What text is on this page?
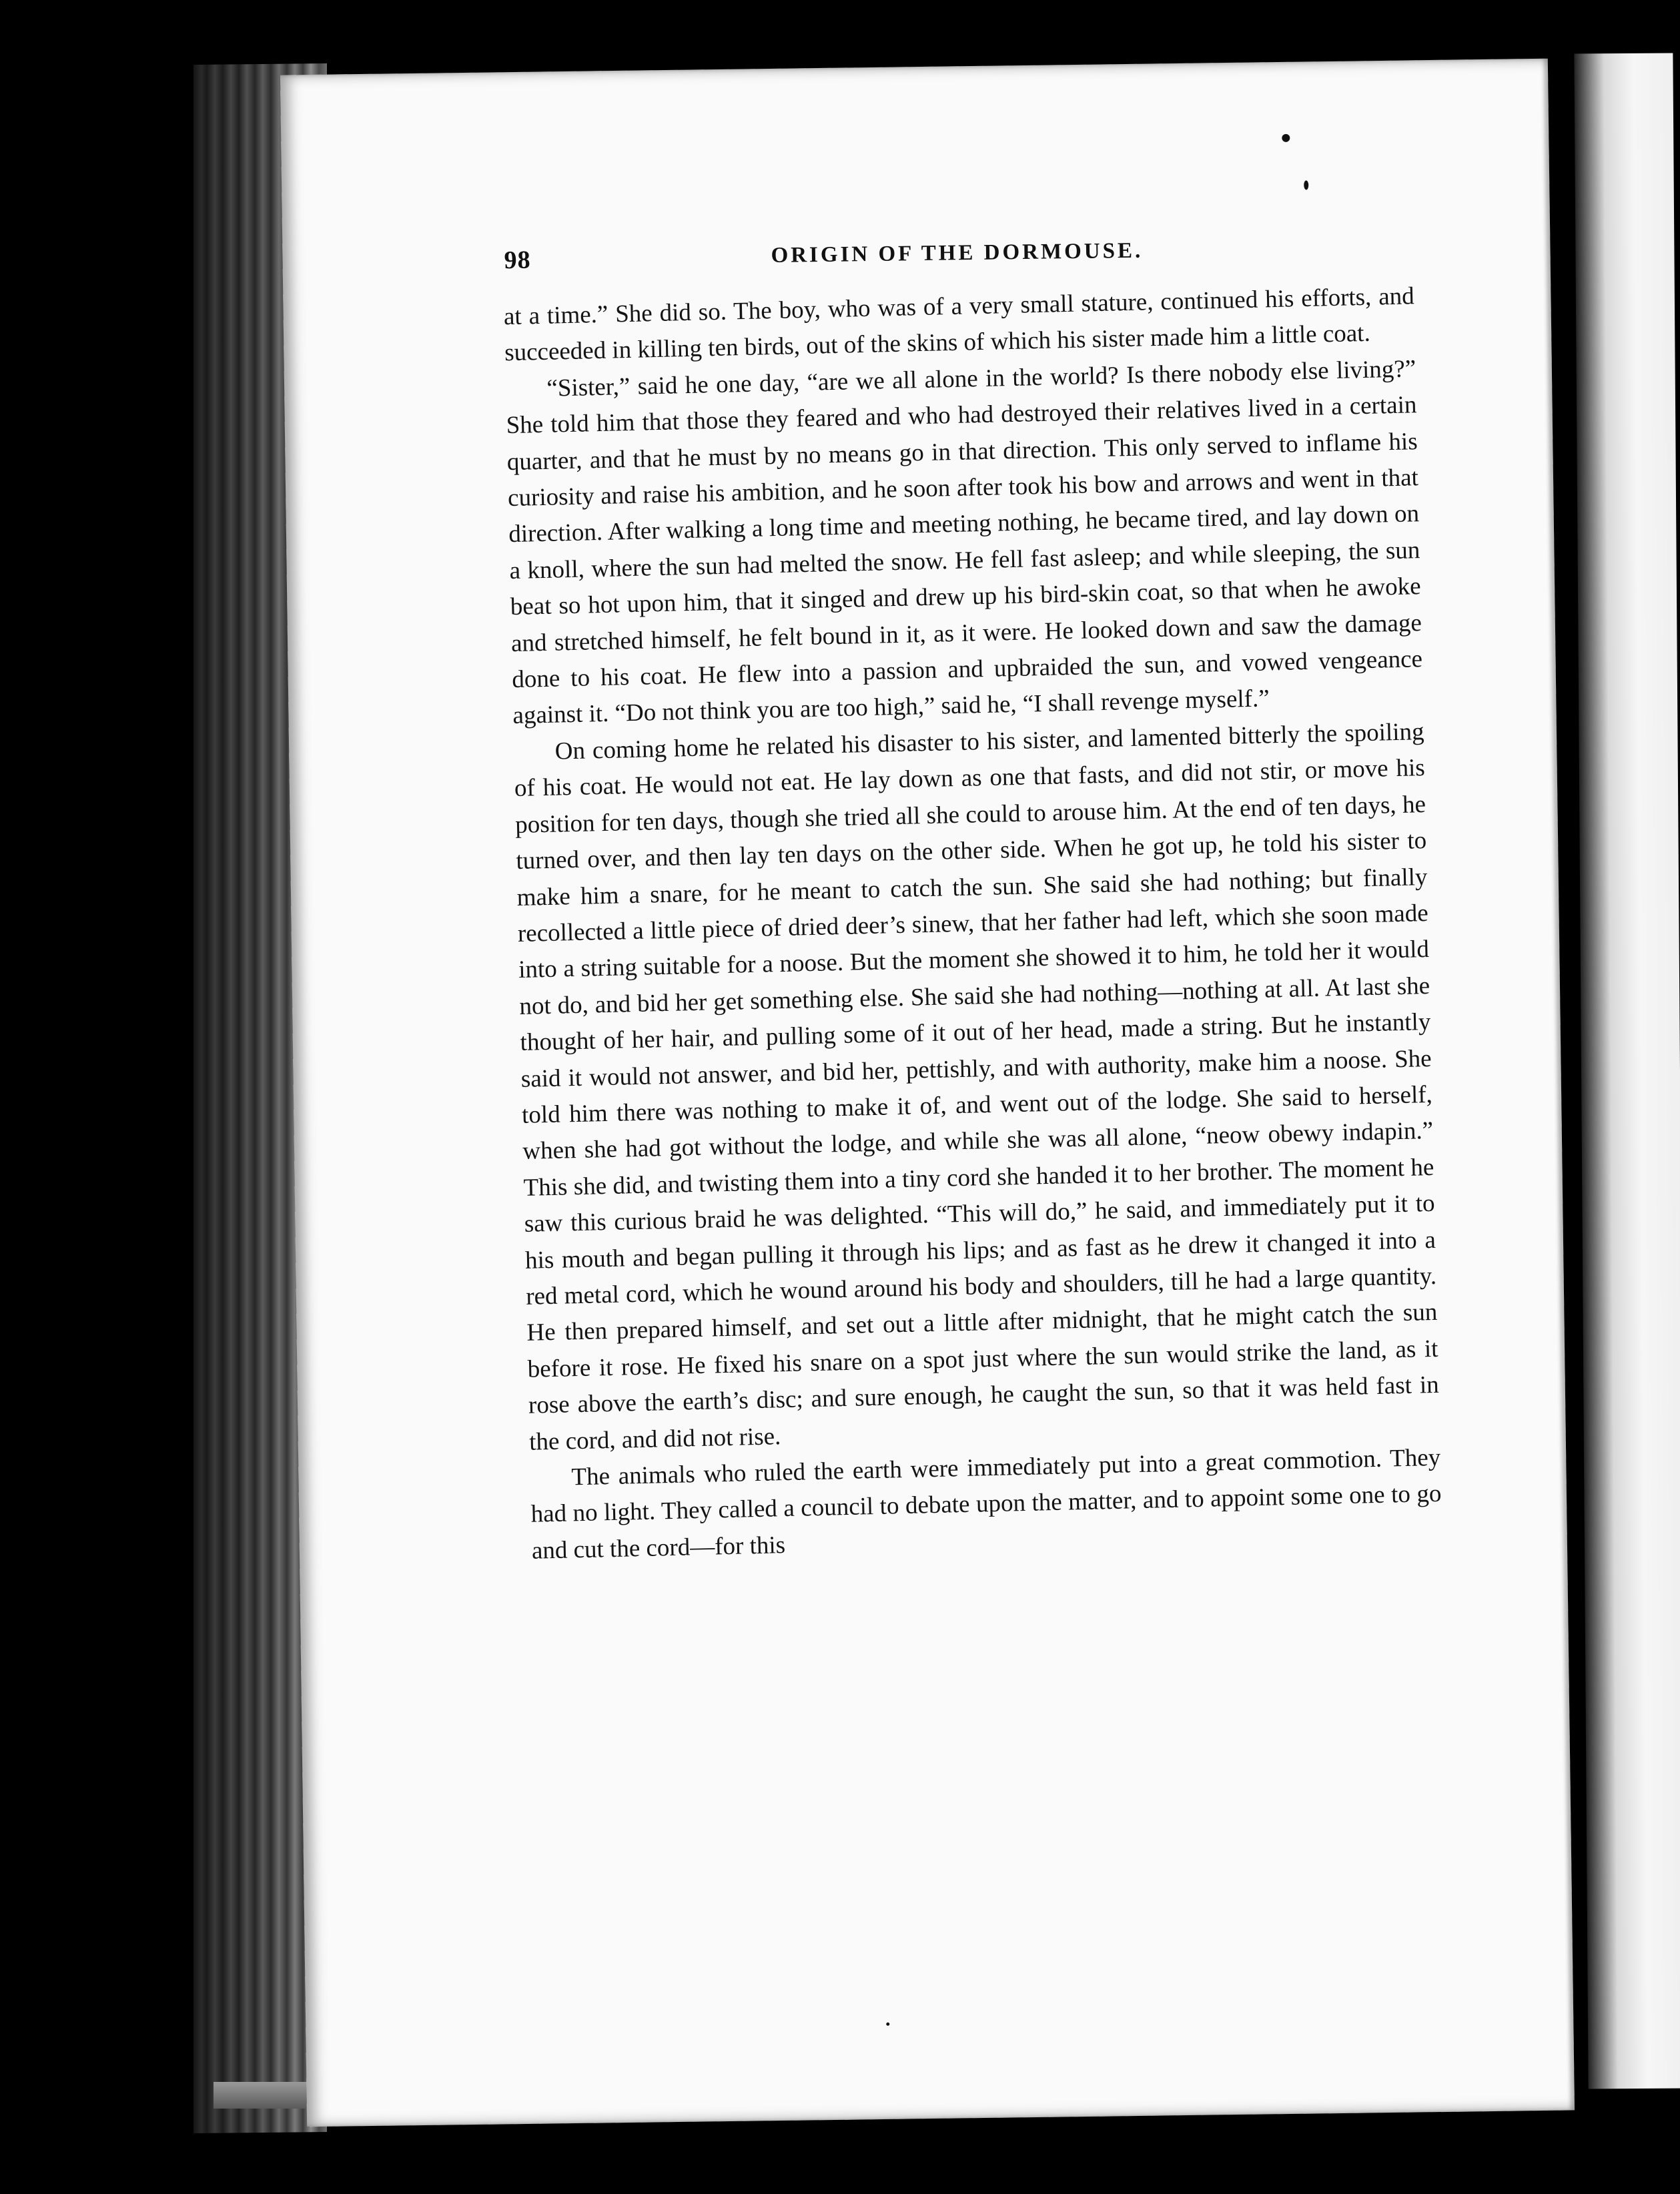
98	ORIGIN OF THE DORMOUSE.

at a time.” She did so. The boy, who was of a very small stature, continued his efforts, and succeeded in killing ten birds, out of the skins of which his sister made him a little coat.

“Sister,” said he one day, “are we all alone in the world? Is there nobody else living?” She told him that those they feared and who had destroyed their relatives lived in a certain quarter, and that he must by no means go in that direction. This only served to inflame his curiosity and raise his ambition, and he soon after took his bow and arrows and went in that direction. After walking a long time and meeting nothing, he became tired, and lay down on a knoll, where the sun had melted the snow. He fell fast asleep; and while sleeping, the sun beat so hot upon him, that it singed and drew up his bird-skin coat, so that when he awoke and stretched himself, he felt bound in it, as it were. He looked down and saw the damage done to his coat. He flew into a passion and upbraided the sun, and vowed vengeance against it. “Do not think you are too high,” said he, “I shall revenge myself.”

On coming home he related his disaster to his sister, and lamented bitterly the spoiling of his coat. He would not eat. He lay down as one that fasts, and did not stir, or move his position for ten days, though she tried all she could to arouse him. At the end of ten days, he turned over, and then lay ten days on the other side. When he got up, he told his sister to make him a snare, for he meant to catch the sun. She said she had nothing; but finally recollected a little piece of dried deer’s sinew, that her father had left, which she soon made into a string suitable for a noose. But the moment she showed it to him, he told her it would not do, and bid her get something else. She said she had nothing—nothing at all. At last she thought of her hair, and pulling some of it out of her head, made a string. But he instantly said it would not answer, and bid her, pettishly, and with authority, make him a noose. She told him there was nothing to make it of, and went out of the lodge. She said to herself, when she had got without the lodge, and while she was all alone, “neow obewy indapin.” This she did, and twisting them into a tiny cord she handed it to her brother. The moment he saw this curious braid he was delighted. “This will do,” he said, and immediately put it to his mouth and began pulling it through his lips; and as fast as he drew it changed it into a red metal cord, which he wound around his body and shoulders, till he had a large quantity. He then prepared himself, and set out a little after midnight, that he might catch the sun before it rose. He fixed his snare on a spot just where the sun would strike the land, as it rose above the earth’s disc; and sure enough, he caught the sun, so that it was held fast in the cord, and did not rise.

The animals who ruled the earth were immediately put into a great commotion. They had no light. They called a council to debate upon the matter, and to appoint some one to go and cut the cord—for this
